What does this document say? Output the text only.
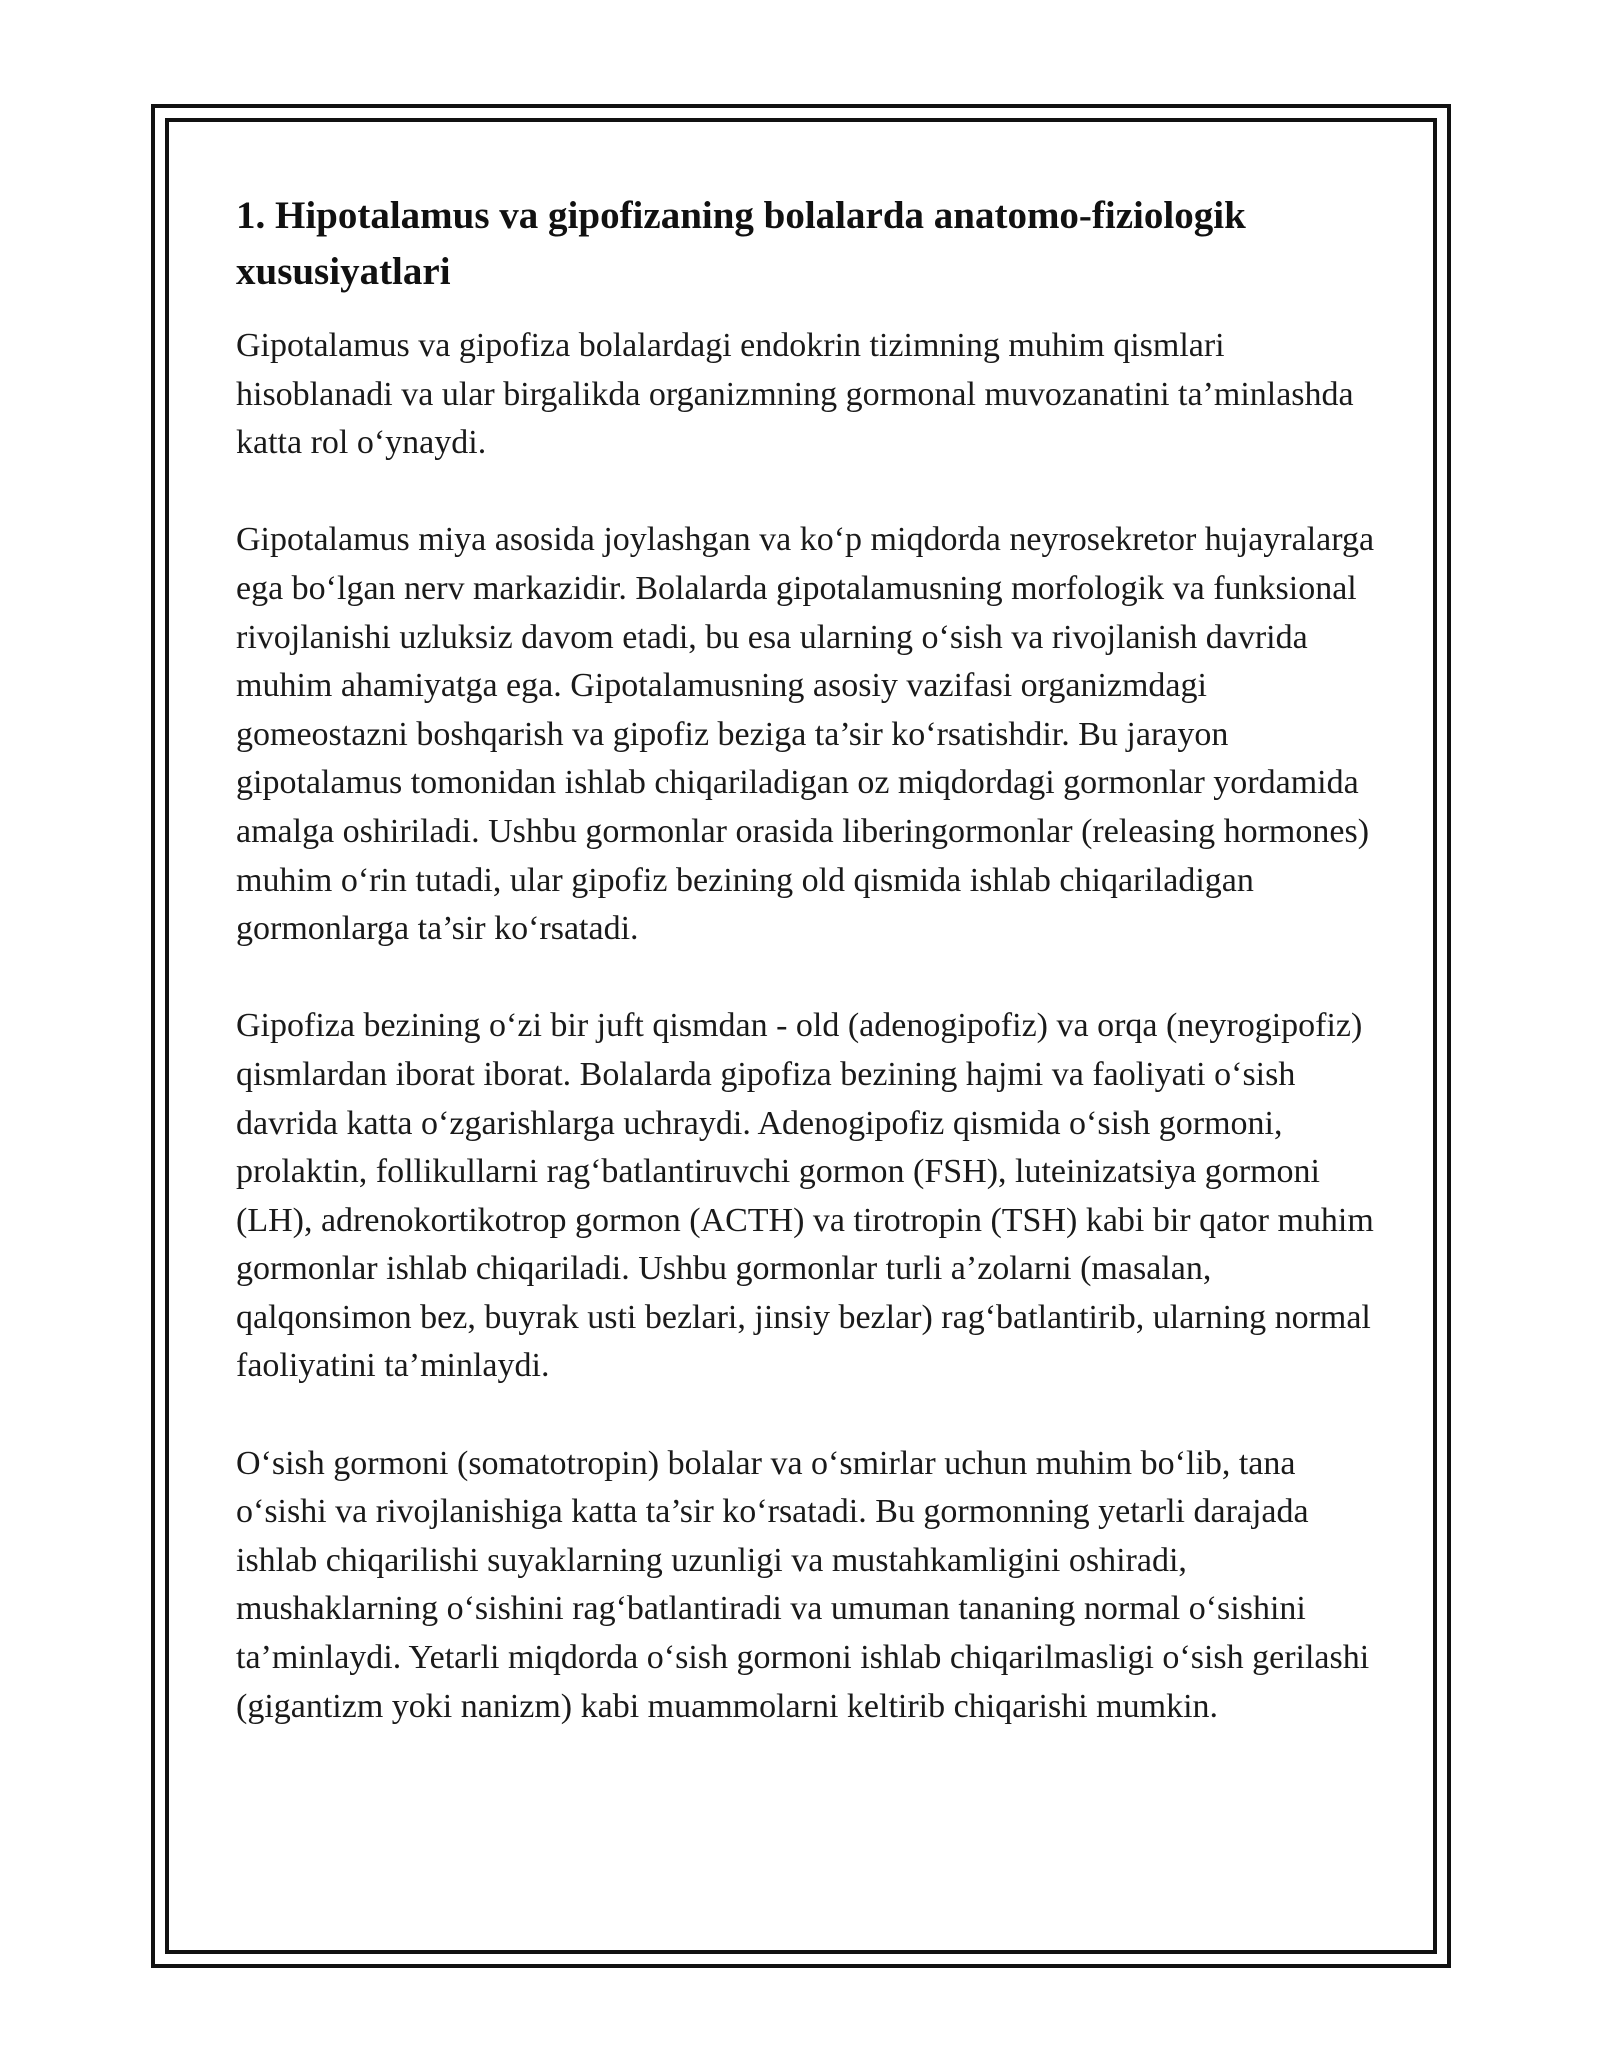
1. Hipotalamus va gipofizaning bolalarda anatomo-fiziologik xususiyatlari

Gipotalamus va gipofiza bolalardagi endokrin tizimning muhim qismlari hisoblanadi va ular birgalikda organizmning gormonal muvozanatini ta’minlashda katta rol o‘ynaydi.

Gipotalamus miya asosida joylashgan va ko‘p miqdorda neyrosekretor hujayralarga ega bo‘lgan nerv markazidir. Bolalarda gipotalamusning morfologik va funksional rivojlanishi uzluksiz davom etadi, bu esa ularning o‘sish va rivojlanish davrida muhim ahamiyatga ega. Gipotalamusning asosiy vazifasi organizmdagi gomeostazni boshqarish va gipofiz beziga ta’sir ko‘rsatishdir. Bu jarayon gipotalamus tomonidan ishlab chiqariladigan oz miqdordagi gormonlar yordamida amalga oshiriladi. Ushbu gormonlar orasida liberingormonlar (releasing hormones) muhim o‘rin tutadi, ular gipofiz bezining old qismida ishlab chiqariladigan gormonlarga ta’sir ko‘rsatadi.

Gipofiza bezining o‘zi bir juft qismdan - old (adenogipofiz) va orqa (neyrogipofiz) qismlardan iborat iborat. Bolalarda gipofiza bezining hajmi va faoliyati o‘sish davrida katta o‘zgarishlarga uchraydi. Adenogipofiz qismida o‘sish gormoni, prolaktin, follikullarni rag‘batlantiruvchi gormon (FSH), luteinizatsiya gormoni (LH), adrenokortikotrop gormon (ACTH) va tirotropin (TSH) kabi bir qator muhim gormonlar ishlab chiqariladi. Ushbu gormonlar turli a’zolarni (masalan, qalqonsimon bez, buyrak usti bezlari, jinsiy bezlar) rag‘batlantirib, ularning normal faoliyatini ta’minlaydi.

O‘sish gormoni (somatotropin) bolalar va o‘smirlar uchun muhim bo‘lib, tana o‘sishi va rivojlanishiga katta ta’sir ko‘rsatadi. Bu gormonning yetarli darajada ishlab chiqarilishi suyaklarning uzunligi va mustahkamligini oshiradi, mushaklarning o‘sishini rag‘batlantiradi va umuman tananing normal o‘sishini ta’minlaydi. Yetarli miqdorda o‘sish gormoni ishlab chiqarilmasligi o‘sish gerilashi (gigantizm yoki nanizm) kabi muammolarni keltirib chiqarishi mumkin.
